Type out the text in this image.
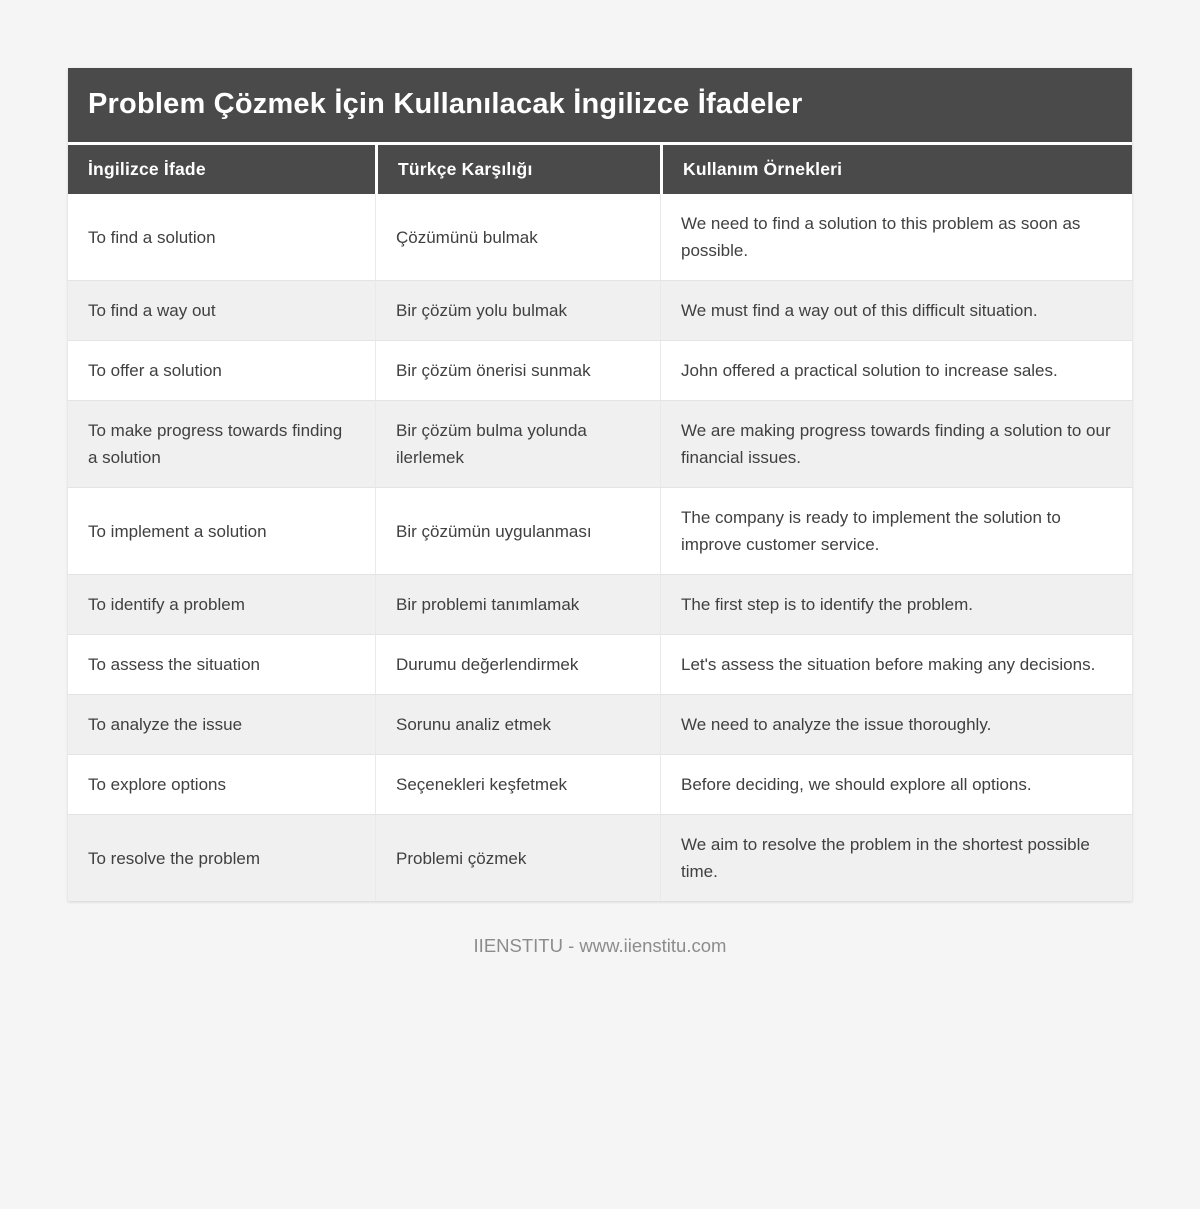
Problem Çözmek İçin Kullanılacak İngilizce İfadeler
İngilizce İfade	Türkçe Karşılığı	Kullanım Örnekleri
To find a solution	Çözümünü bulmak	We need to find a solution to this problem as soon as possible.
To find a way out	Bir çözüm yolu bulmak	We must find a way out of this difficult situation.
To offer a solution	Bir çözüm önerisi sunmak	John offered a practical solution to increase sales.
To make progress towards finding a solution	Bir çözüm bulma yolunda ilerlemek	We are making progress towards finding a solution to our financial issues.
To implement a solution	Bir çözümün uygulanması	The company is ready to implement the solution to improve customer service.
To identify a problem	Bir problemi tanımlamak	The first step is to identify the problem.
To assess the situation	Durumu değerlendirmek	Let's assess the situation before making any decisions.
To analyze the issue	Sorunu analiz etmek	We need to analyze the issue thoroughly.
To explore options	Seçenekleri keşfetmek	Before deciding, we should explore all options.
To resolve the problem	Problemi çözmek	We aim to resolve the problem in the shortest possible time.
IIENSTITU - www.iienstitu.com
